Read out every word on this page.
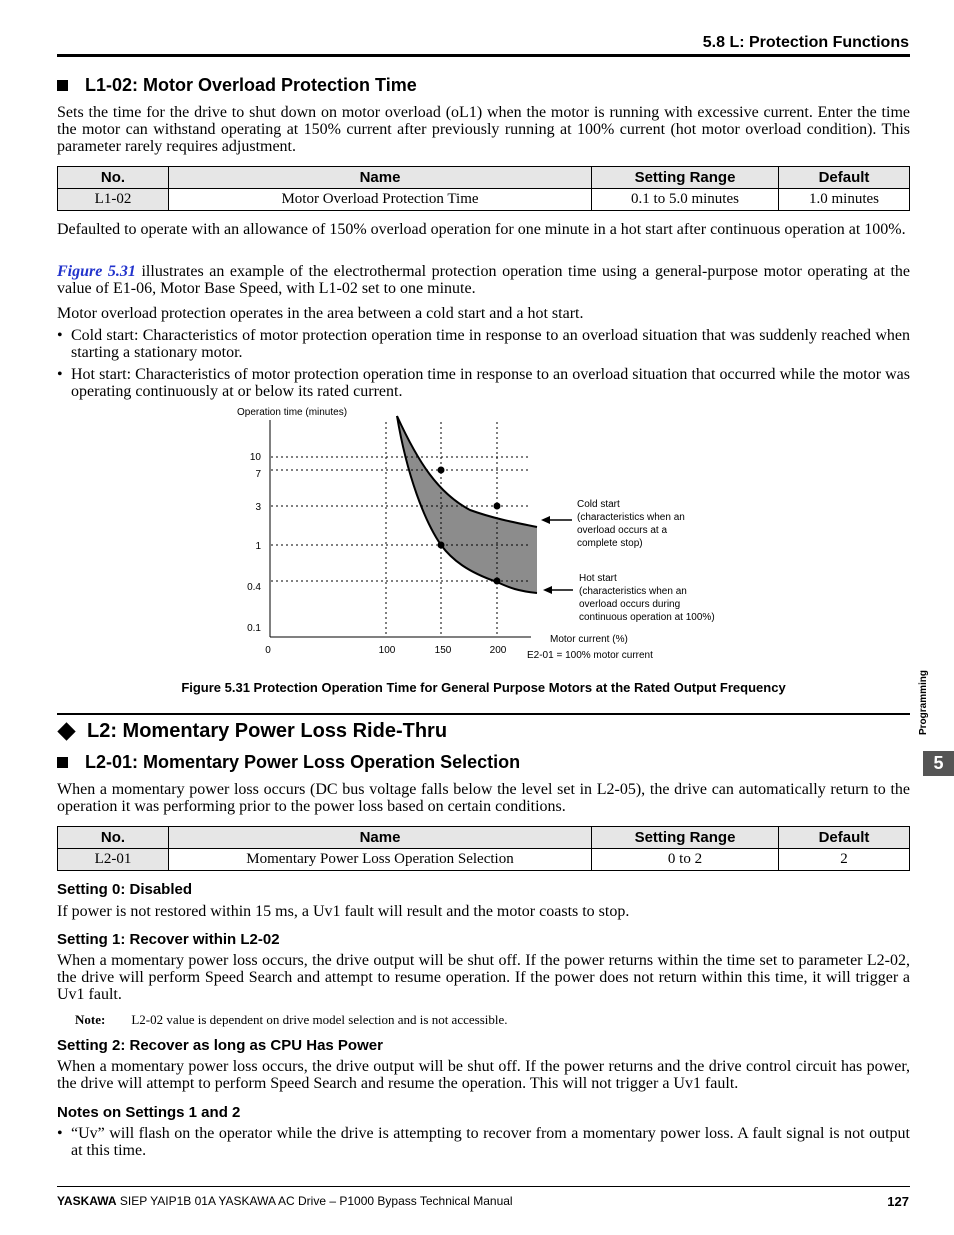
5.8 L: Protection Functions
L1-02: Motor Overload Protection Time
Sets the time for the drive to shut down on motor overload (oL1) when the motor is running with excessive current. Enter the time the motor can withstand operating at 150% current after previously running at 100% current (hot motor overload condition). This parameter rarely requires adjustment.
No.	Name	Setting Range	Default
L1-02	Motor Overload Protection Time	0.1 to 5.0 minutes	1.0 minutes
Defaulted to operate with an allowance of 150% overload operation for one minute in a hot start after continuous operation at 100%.
Figure 5.31 illustrates an example of the electrothermal protection operation time using a general-purpose motor operating at the value of E1-06, Motor Base Speed, with L1-02 set to one minute.
Motor overload protection operates in the area between a cold start and a hot start.
• Cold start: Characteristics of motor protection operation time in response to an overload situation that was suddenly reached when starting a stationary motor.
• Hot start: Characteristics of motor protection operation time in response to an overload situation that occurred while the motor was operating continuously at or below its rated current.
Operation time (minutes)
10
7
3
1
0.4
0.1
0	100	150	200
Motor current (%)
E2-01 = 100% motor current
Cold start
(characteristics when an
overload occurs at a
complete stop)
Hot start
(characteristics when an
overload occurs during
continuous operation at 100%)
Figure 5.31 Protection Operation Time for General Purpose Motors at the Rated Output Frequency
L2: Momentary Power Loss Ride-Thru
L2-01: Momentary Power Loss Operation Selection
When a momentary power loss occurs (DC bus voltage falls below the level set in L2-05), the drive can automatically return to the operation it was performing prior to the power loss based on certain conditions.
No.	Name	Setting Range	Default
L2-01	Momentary Power Loss Operation Selection	0 to 2	2
Setting 0: Disabled
If power is not restored within 15 ms, a Uv1 fault will result and the motor coasts to stop.
Setting 1: Recover within L2-02
When a momentary power loss occurs, the drive output will be shut off. If the power returns within the time set to parameter L2-02, the drive will perform Speed Search and attempt to resume operation. If the power does not return within this time, it will trigger a Uv1 fault.
Note: L2-02 value is dependent on drive model selection and is not accessible.
Setting 2: Recover as long as CPU Has Power
When a momentary power loss occurs, the drive output will be shut off. If the power returns and the drive control circuit has power, the drive will attempt to perform Speed Search and resume the operation. This will not trigger a Uv1 fault.
Notes on Settings 1 and 2
• “Uv” will flash on the operator while the drive is attempting to recover from a momentary power loss. A fault signal is not output at this time.
Programming
5
YASKAWA SIEP YAIP1B 01A YASKAWA AC Drive – P1000 Bypass Technical Manual	127
